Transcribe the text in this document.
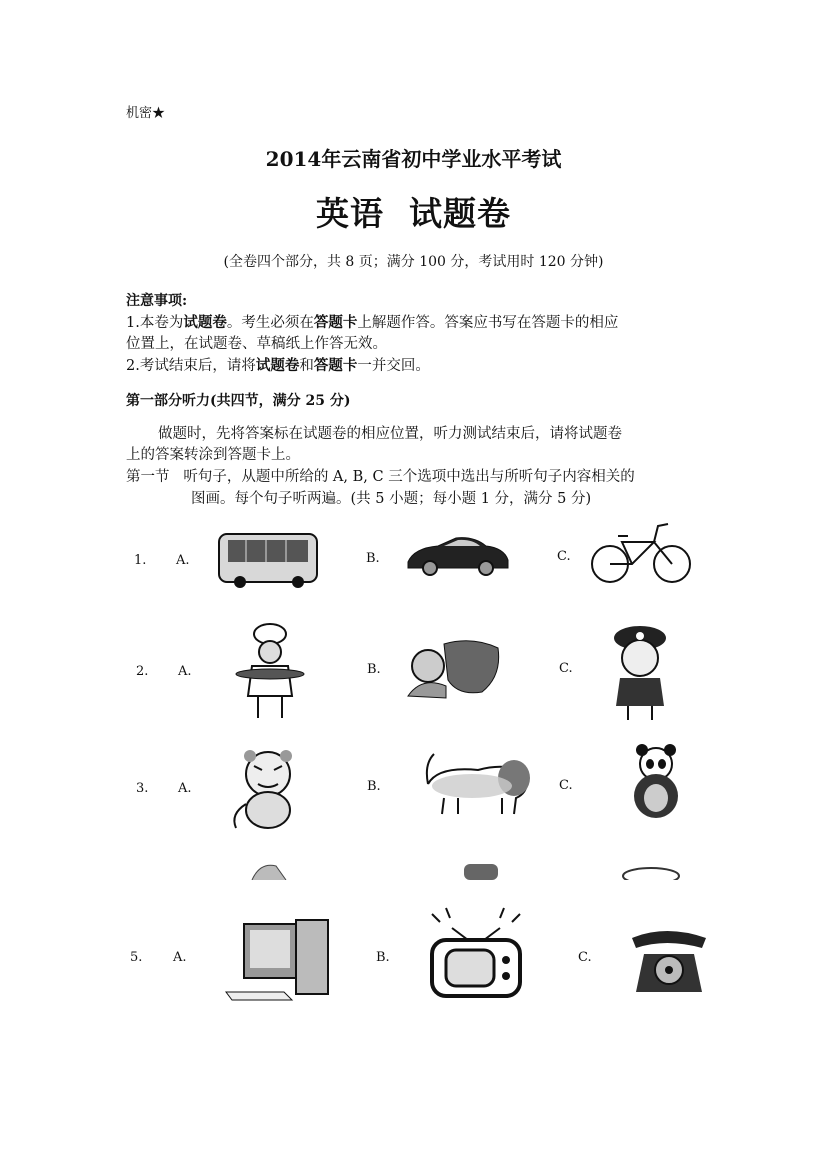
机密★
2014年云南省初中学业水平考试
英语  试题卷
(全卷四个部分，共 8 页；满分 100 分，考试用时 120 分钟)
注意事项:
1.本卷为试题卷。考生必须在答题卡上解题作答。答案应书写在答题卡的相应
位置上，在试题卷、草稿纸上作答无效。
2.考试结束后，请将试题卷和答题卡一并交回。
第一部分听力(共四节，满分 25 分)
做题时，先将答案标在试题卷的相应位置，听力测试结束后，请将试题卷
上的答案转涂到答题卡上。
第一节   听句子，从题中所给的 A, B, C 三个选项中选出与所听句子内容相关的
图画。每个句子听两遍。(共 5 小题；每小题 1 分，满分 5 分)
1. A.	B.	C.
2. A.	B.	C.
3. A.	B.	C.
5. A.	B.	C.
